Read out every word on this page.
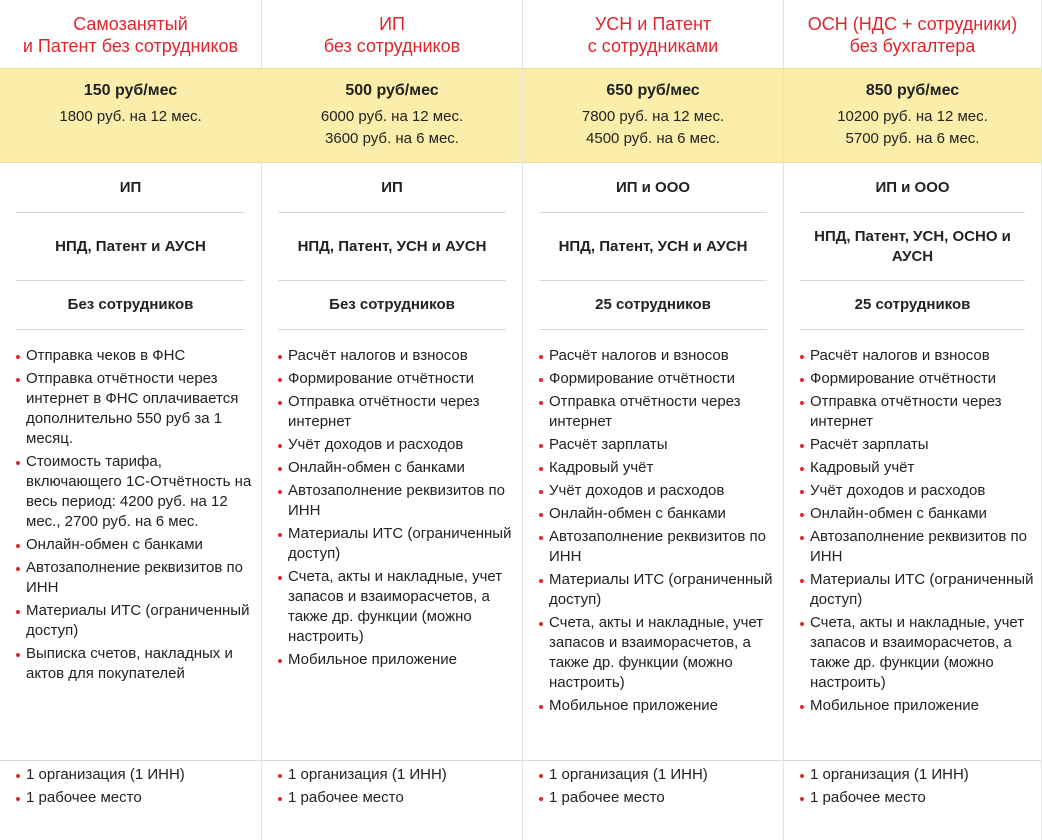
Самозанятый
и Патент без сотрудников
150 руб/мес
1800 руб. на 12 мес.
ИП
НПД, Патент и АУСН
Без сотрудников
Отправка чеков в ФНС
Отправка отчётности через интернет в ФНС оплачивается дополнительно 550 руб за 1 месяц.
Стоимость тарифа, включающего 1С-Отчётность на весь период: 4200 руб. на 12 мес., 2700 руб. на 6 мес.
Онлайн-обмен с банками
Автозаполнение реквизитов по ИНН
Материалы ИТС (ограниченный доступ)
Выписка счетов, накладных и актов для покупателей
1 организация (1 ИНН)
1 рабочее место
ИП
без сотрудников
500 руб/мес
6000 руб. на 12 мес.
3600 руб. на 6 мес.
ИП
НПД, Патент, УСН и АУСН
Без сотрудников
Расчёт налогов и взносов
Формирование отчётности
Отправка отчётности через интернет
Учёт доходов и расходов
Онлайн-обмен с банками
Автозаполнение реквизитов по ИНН
Материалы ИТС (ограниченный доступ)
Счета, акты и накладные, учет запасов и взаиморасчетов, а также др. функции (можно настроить)
Мобильное приложение
1 организация (1 ИНН)
1 рабочее место
УСН и Патент
с сотрудниками
650 руб/мес
7800 руб. на 12 мес.
4500 руб. на 6 мес.
ИП и ООО
НПД, Патент, УСН и АУСН
25 сотрудников
Расчёт налогов и взносов
Формирование отчётности
Отправка отчётности через интернет
Расчёт зарплаты
Кадровый учёт
Учёт доходов и расходов
Онлайн-обмен с банками
Автозаполнение реквизитов по ИНН
Материалы ИТС (ограниченный доступ)
Счета, акты и накладные, учет запасов и взаиморасчетов, а также др. функции (можно настроить)
Мобильное приложение
1 организация (1 ИНН)
1 рабочее место
ОСН (НДС + сотрудники)
без бухгалтера
850 руб/мес
10200 руб. на 12 мес.
5700 руб. на 6 мес.
ИП и ООО
НПД, Патент, УСН, ОСНО и АУСН
25 сотрудников
Расчёт налогов и взносов
Формирование отчётности
Отправка отчётности через интернет
Расчёт зарплаты
Кадровый учёт
Учёт доходов и расходов
Онлайн-обмен с банками
Автозаполнение реквизитов по ИНН
Материалы ИТС (ограниченный доступ)
Счета, акты и накладные, учет запасов и взаиморасчетов, а также др. функции (можно настроить)
Мобильное приложение
1 организация (1 ИНН)
1 рабочее место
